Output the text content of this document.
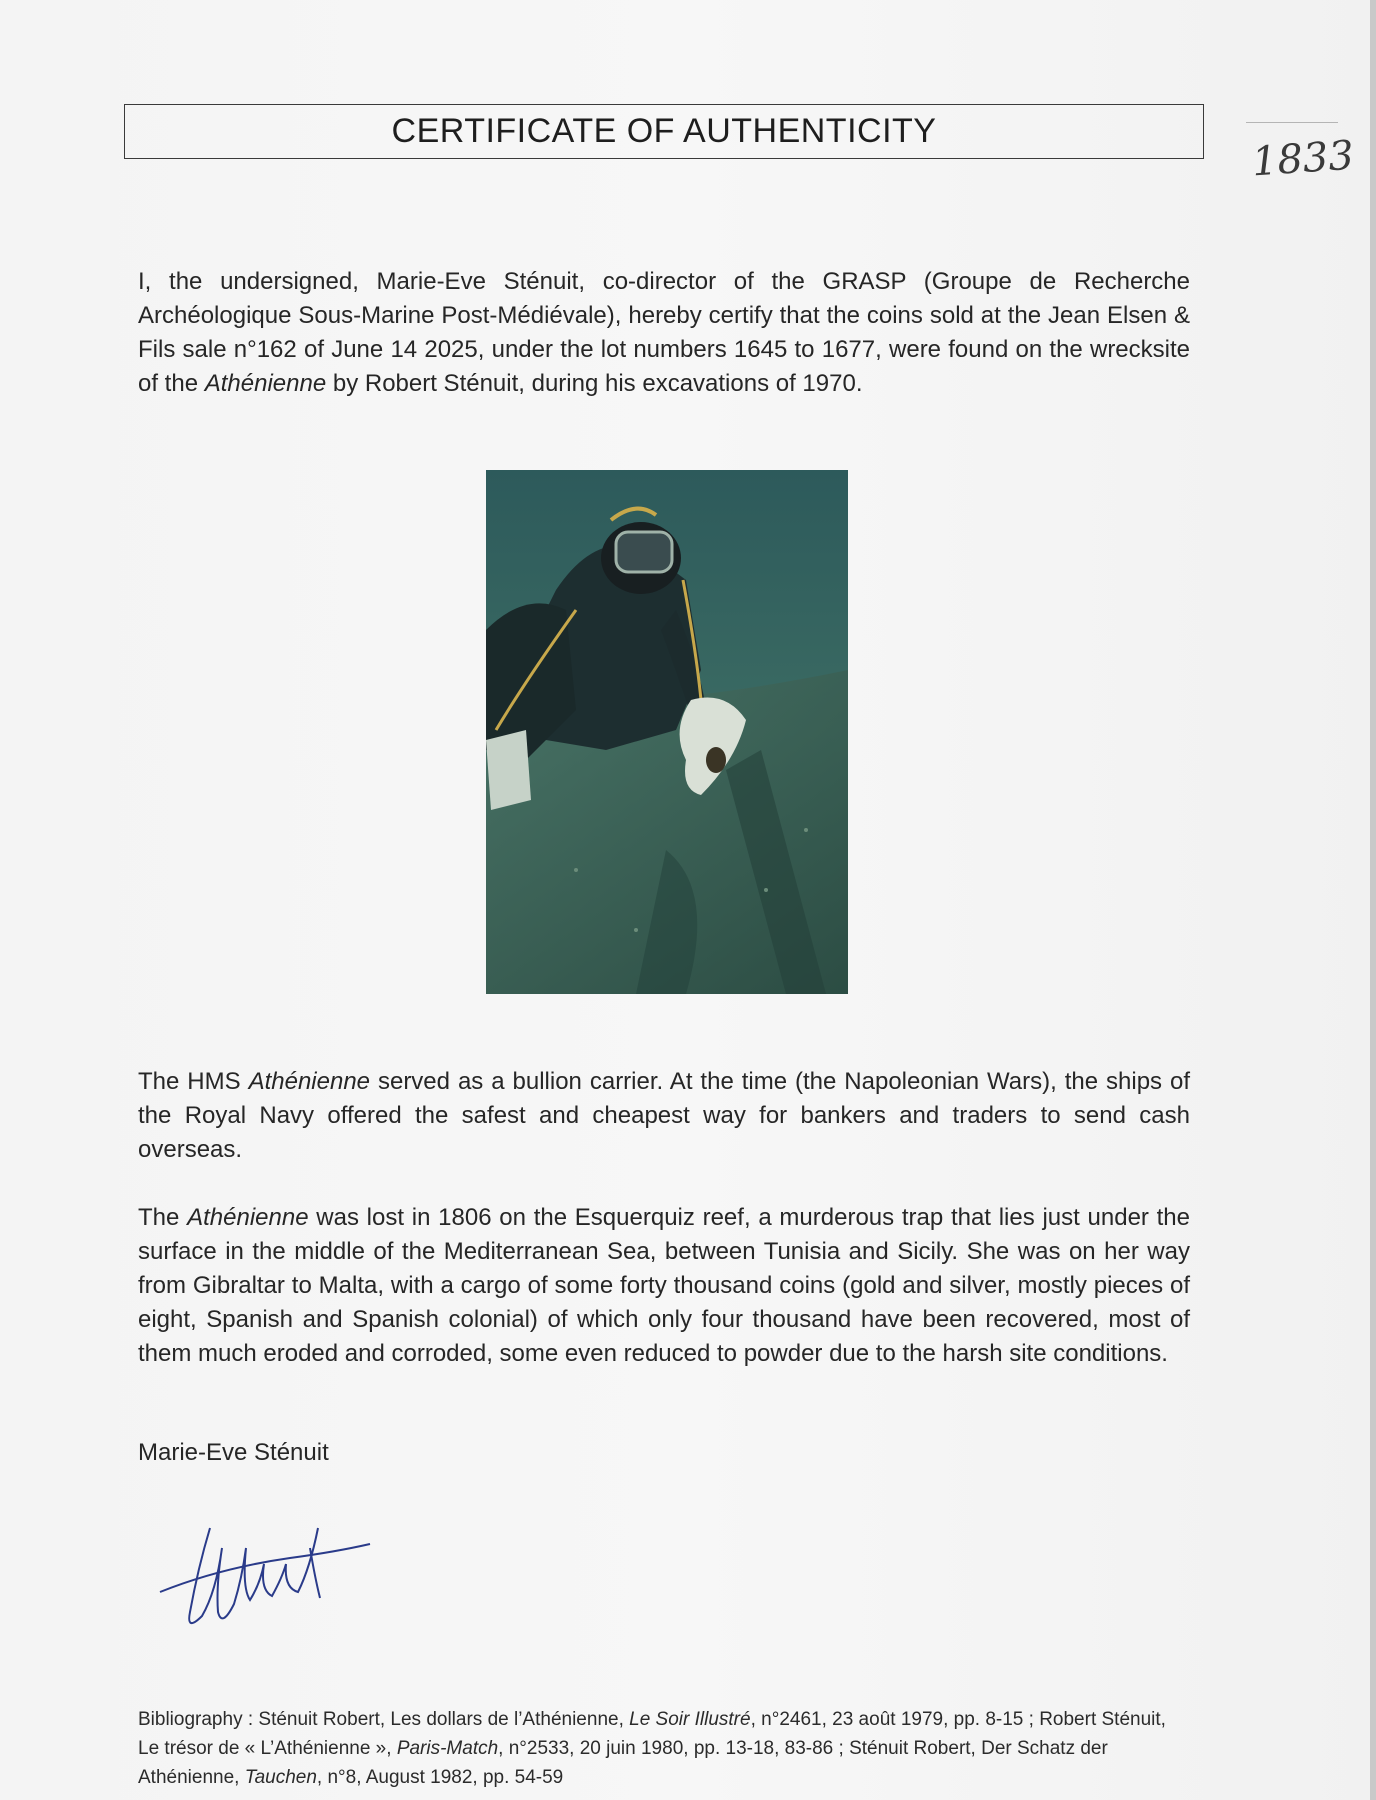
CERTIFICATE OF AUTHENTICITY
1833

I, the undersigned, Marie-Eve Sténuit, co-director of the GRASP (Groupe de Recherche Archéologique Sous-Marine Post-Médiévale), hereby certify that the coins sold at the Jean Elsen & Fils sale n°162 of June 14 2025, under the lot numbers 1645 to 1677, were found on the wrecksite of the Athénienne by Robert Sténuit, during his excavations of 1970.

The HMS Athénienne served as a bullion carrier. At the time (the Napoleonian Wars), the ships of the Royal Navy offered the safest and cheapest way for bankers and traders to send cash overseas.

The Athénienne was lost in 1806 on the Esquerquiz reef, a murderous trap that lies just under the surface in the middle of the Mediterranean Sea, between Tunisia and Sicily. She was on her way from Gibraltar to Malta, with a cargo of some forty thousand coins (gold and silver, mostly pieces of eight, Spanish and Spanish colonial) of which only four thousand have been recovered, most of them much eroded and corroded, some even reduced to powder due to the harsh site conditions.

Marie-Eve Sténuit
Bibliography : Sténuit Robert, Les dollars de l’Athénienne, Le Soir Illustré, n°2461, 23 août 1979, pp. 8-15 ; Robert Sténuit, Le trésor de « L’Athénienne », Paris-Match, n°2533, 20 juin 1980, pp. 13-18, 83-86 ; Sténuit Robert, Der Schatz der Athénienne, Tauchen, n°8, August 1982, pp. 54-59
